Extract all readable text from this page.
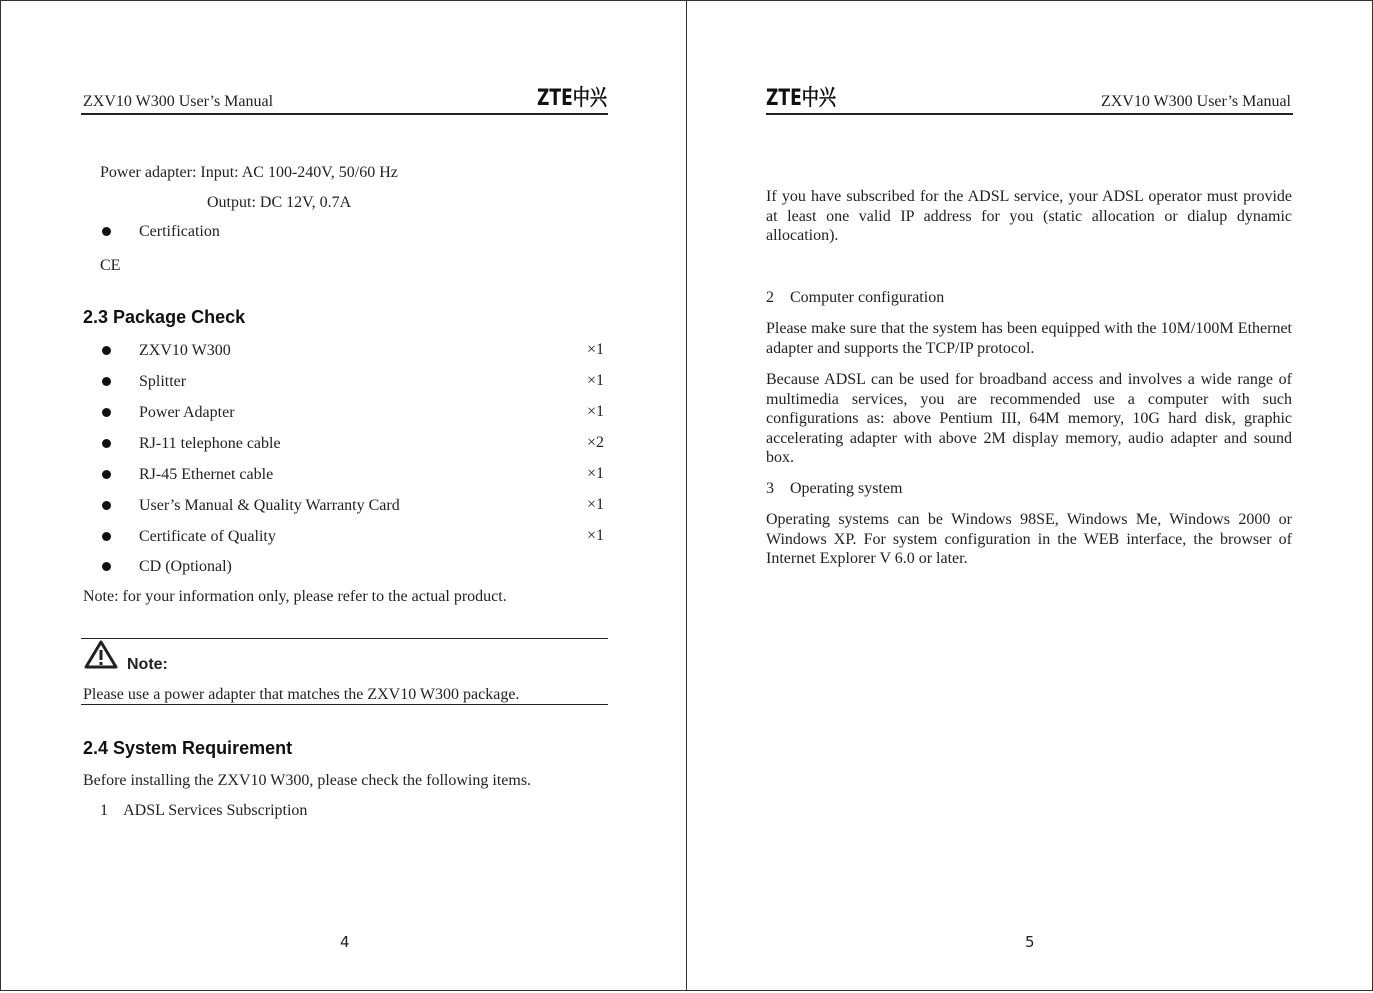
ZXV10 W300 User’s Manual	ZTE中兴
Power adapter: Input: AC 100-240V, 50/60 Hz
Output: DC 12V, 0.7A
Certification
CE
2.3 Package Check
ZXV10 W300	×1
Splitter	×1
Power Adapter	×1
RJ-11 telephone cable	×2
RJ-45 Ethernet cable	×1
User’s Manual & Quality Warranty Card	×1
Certificate of Quality	×1
CD (Optional)
Note: for your information only, please refer to the actual product.
Note:
Please use a power adapter that matches the ZXV10 W300 package.
2.4 System Requirement
Before installing the ZXV10 W300, please check the following items.
1    ADSL Services Subscription
4
ZTE中兴	ZXV10 W300 User’s Manual
If you have subscribed for the ADSL service, your ADSL operator must provide at least one valid IP address for you (static allocation or dialup dynamic allocation).
2    Computer configuration
Please make sure that the system has been equipped with the 10M/100M Ethernet adapter and supports the TCP/IP protocol.
Because ADSL can be used for broadband access and involves a wide range of multimedia services, you are recommended use a computer with such configurations as: above Pentium III, 64M memory, 10G hard disk, graphic accelerating adapter with above 2M display memory, audio adapter and sound box.
3    Operating system
Operating systems can be Windows 98SE, Windows Me, Windows 2000 or Windows XP. For system configuration in the WEB interface, the browser of Internet Explorer V 6.0 or later.
5
